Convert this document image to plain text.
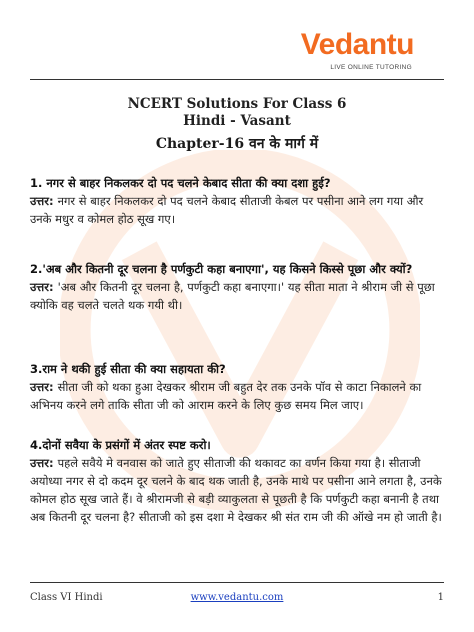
Vedantu
LIVE ONLINE TUTORING
NCERT Solutions For Class 6
Hindi - Vasant
Chapter-16 वन के मार्ग में
1. नगर से बाहर निकलकर दो पद चलने केबाद सीता की क्या दशा हुई?
उत्तर: नगर से बाहर निकलकर दो पद चलने केबाद सीताजी केबल पर पसीना आने लग गया और उनके मधुर व कोमल होठ सूख गए।
2.'अब और कितनी दूर चलना है पर्णकुटी कहा बनाएगा', यह किसने किस्से पूछा और क्यों?
उत्तर: 'अब और कितनी दूर चलना है, पर्णकुटी कहा बनाएगा।' यह सीता माता ने श्रीराम जी से पूछा क्योकि वह चलते चलते थक गयी थी।
3.राम ने थकी हुई सीता की क्या सहायता की?
उत्तर: सीता जी को थका हुआ देखकर श्रीराम जी बहुत देर तक उनके पॉव से काटा निकालने का अभिनय करने लगे ताकि सीता जी को आराम करने के लिए कुछ समय मिल जाए।
4.दोनों सवैया के प्रसंगों में अंतर स्पष्ट करो।
उत्तर: पहले सवैये मे वनवास को जाते हुए सीताजी की थकावट का वर्णन किया गया है। सीताजी अयोध्या नगर से दो कदम दूर चलने के बाद थक जाती है, उनके माथे पर पसीना आने लगता है, उनके कोमल होठ सूख जाते हैं। वे श्रीरामजी से बड़ी व्याकुलता से पूछती है कि पर्णकुटी कहा बनानी है तथा अब कितनी दूर चलना है? सीताजी को इस दशा मे देखकर श्री संत राम जी की ऑखे नम हो जाती है।
Class VI Hindi	www.vedantu.com	1
